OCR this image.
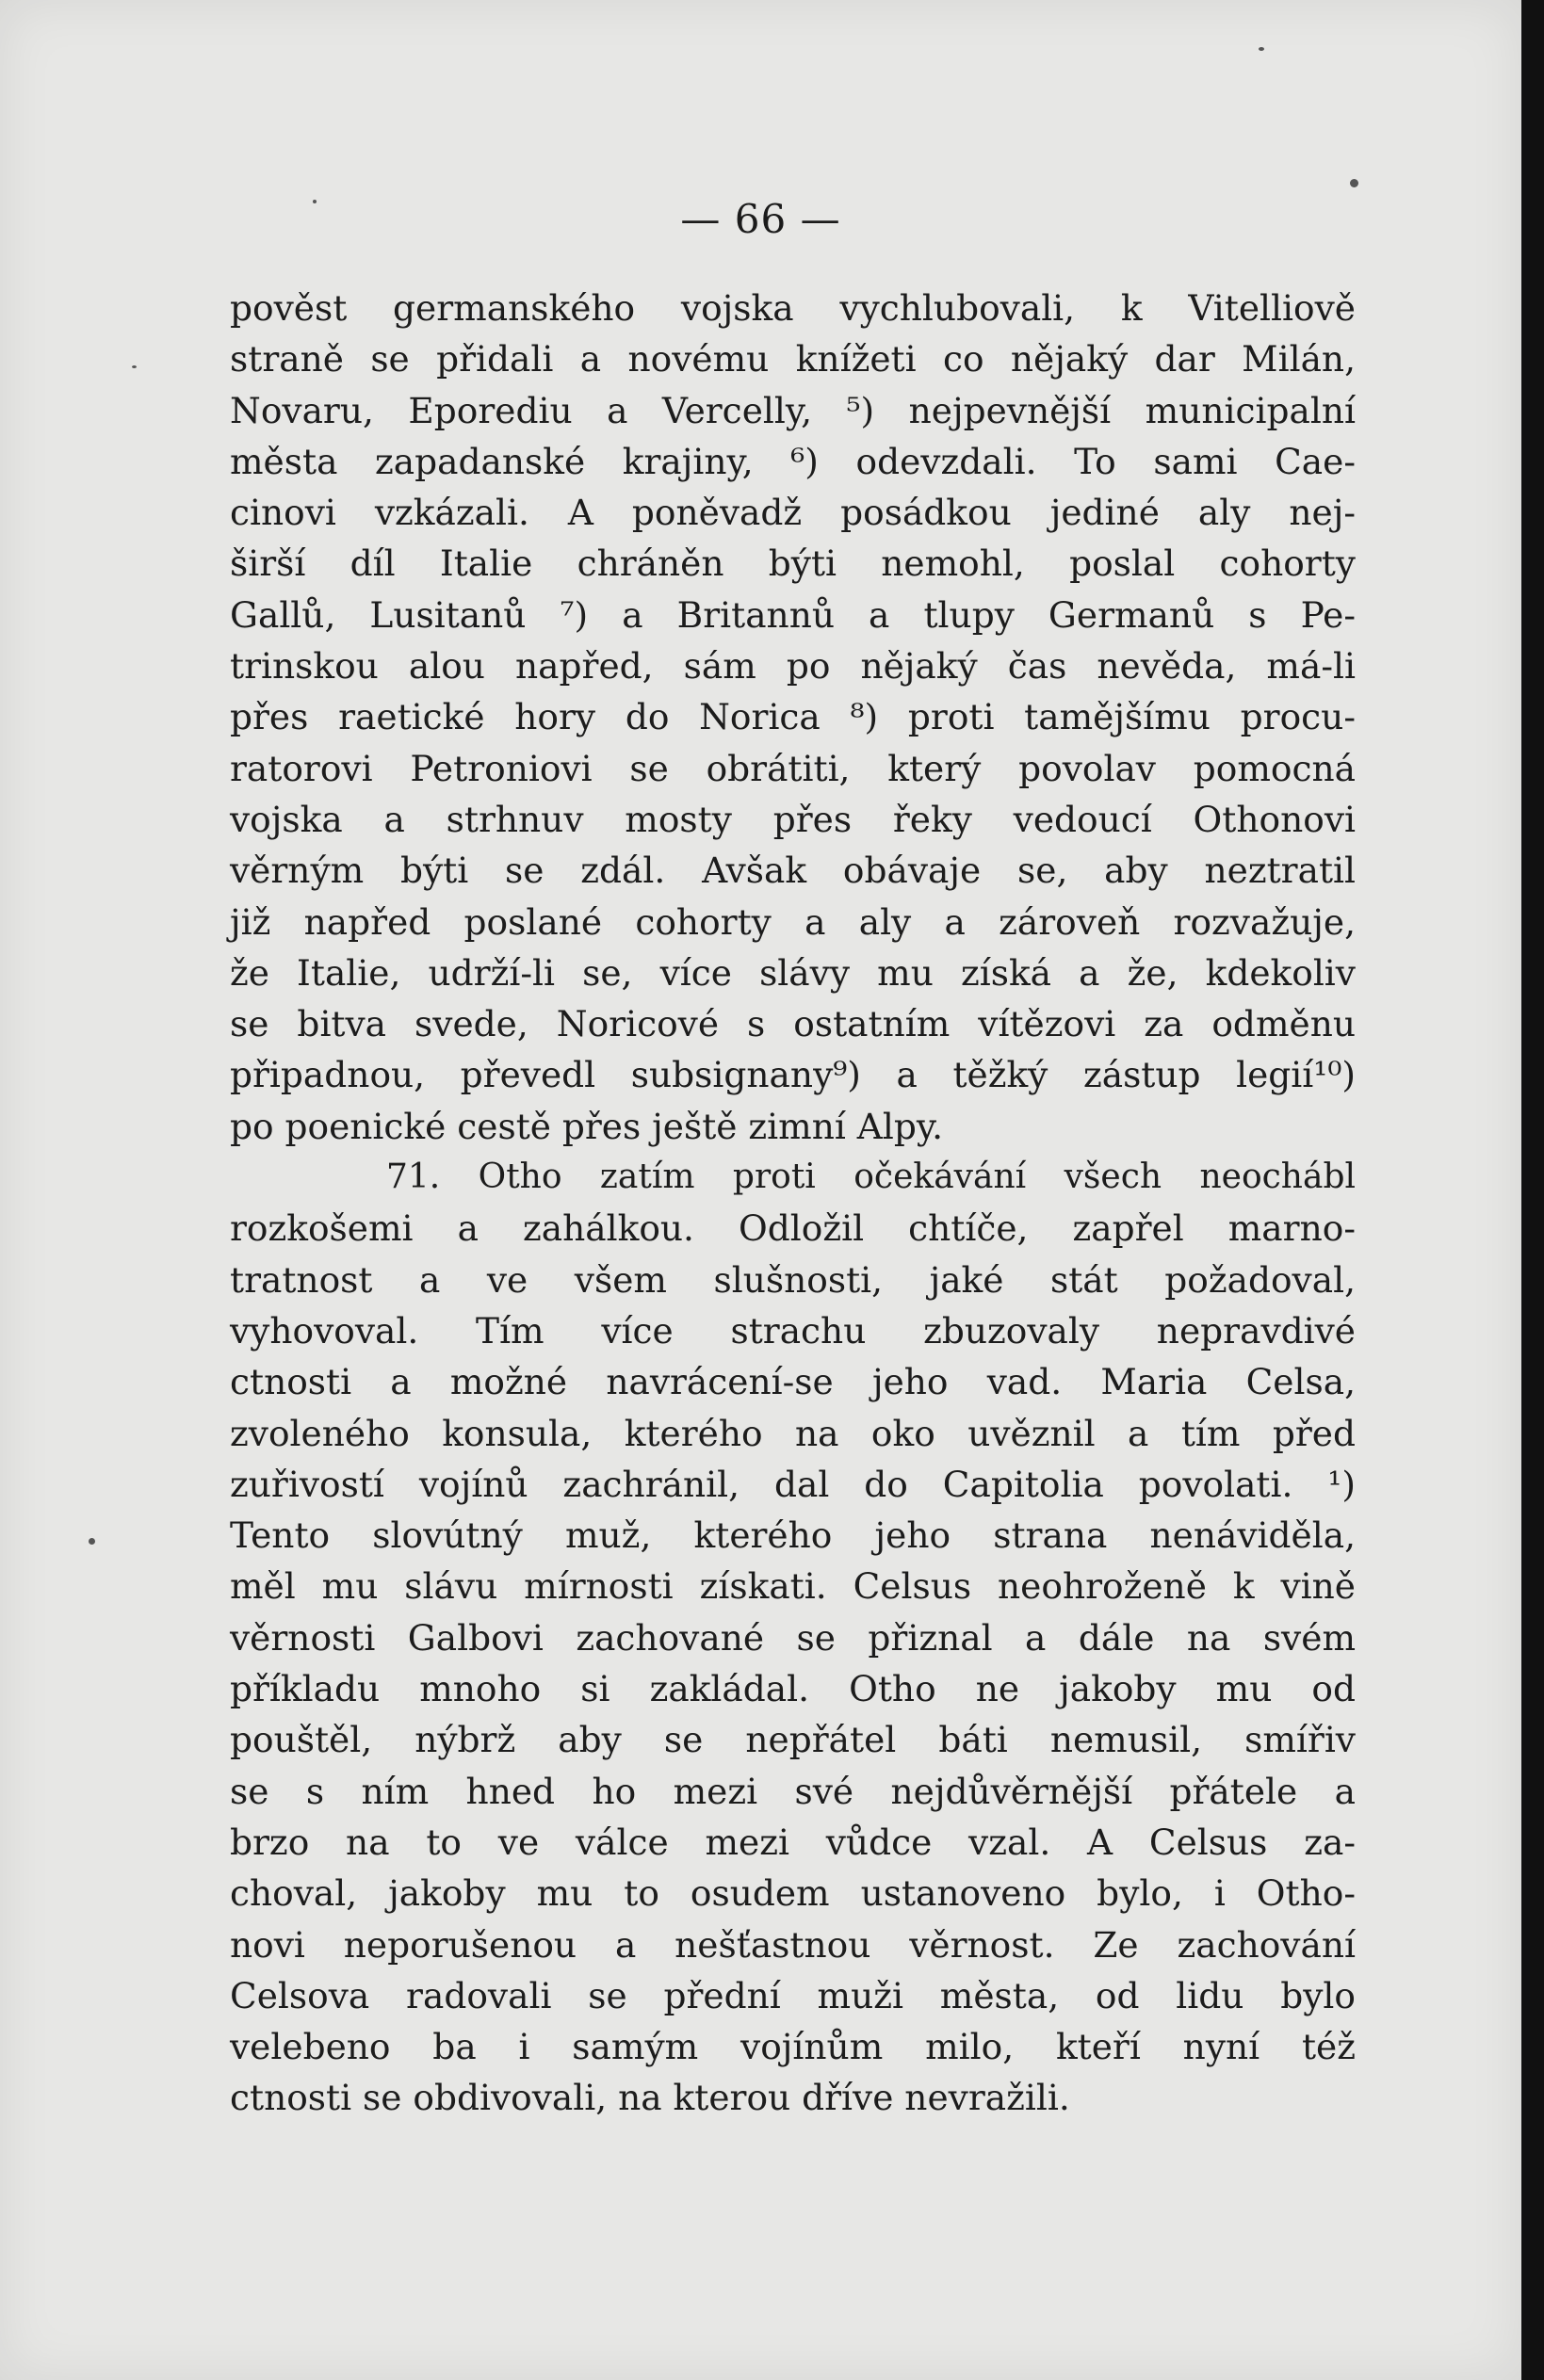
— 66 —
pověst germanského vojska vychlubovali, k Vitelliově
straně se přidali a novému knížeti co nějaký dar Milán,
Novaru, Eporediu a Vercelly, ⁵) nejpevnější municipalní
města zapadanské krajiny, ⁶) odevzdali. To sami Cae-
cinovi vzkázali. A poněvadž posádkou jediné aly nej-
širší díl Italie chráněn býti nemohl, poslal cohorty
Gallů, Lusitanů ⁷) a Britannů a tlupy Germanů s Pe-
trinskou alou napřed, sám po nějaký čas nevěda, má-li
přes raetické hory do Norica ⁸) proti tamějšímu procu-
ratorovi Petroniovi se obrátiti, který povolav pomocná
vojska a strhnuv mosty přes řeky vedoucí Othonovi
věrným býti se zdál. Avšak obávaje se, aby neztratil
již napřed poslané cohorty a aly a zároveň rozvažuje,
že Italie, udrží-li se, více slávy mu získá a že, kdekoliv
se bitva svede, Noricové s ostatním vítězovi za odměnu
připadnou, převedl subsignany⁹) a těžký zástup legií¹⁰)
po poenické cestě přes ještě zimní Alpy.
71. Otho zatím proti očekávání všech neochábl
rozkošemi a zahálkou. Odložil chtíče, zapřel marno-
tratnost a ve všem slušnosti, jaké stát požadoval,
vyhovoval. Tím více strachu zbuzovaly nepravdivé
ctnosti a možné navrácení-se jeho vad. Maria Celsa,
zvoleného konsula, kterého na oko uvěznil a tím před
zuřivostí vojínů zachránil, dal do Capitolia povolati. ¹)
Tento slovútný muž, kterého jeho strana nenáviděla,
měl mu slávu mírnosti získati. Celsus neohroženě k vině
věrnosti Galbovi zachované se přiznal a dále na svém
příkladu mnoho si zakládal. Otho ne jakoby mu od
pouštěl, nýbrž aby se nepřátel báti nemusil, smířiv
se s ním hned ho mezi své nejdůvěrnější přátele a
brzo na to ve válce mezi vůdce vzal. A Celsus za-
choval, jakoby mu to osudem ustanoveno bylo, i Otho-
novi neporušenou a nešťastnou věrnost. Ze zachování
Celsova radovali se přední muži města, od lidu bylo
velebeno ba i samým vojínům milo, kteří nyní též
ctnosti se obdivovali, na kterou dříve nevražili.
